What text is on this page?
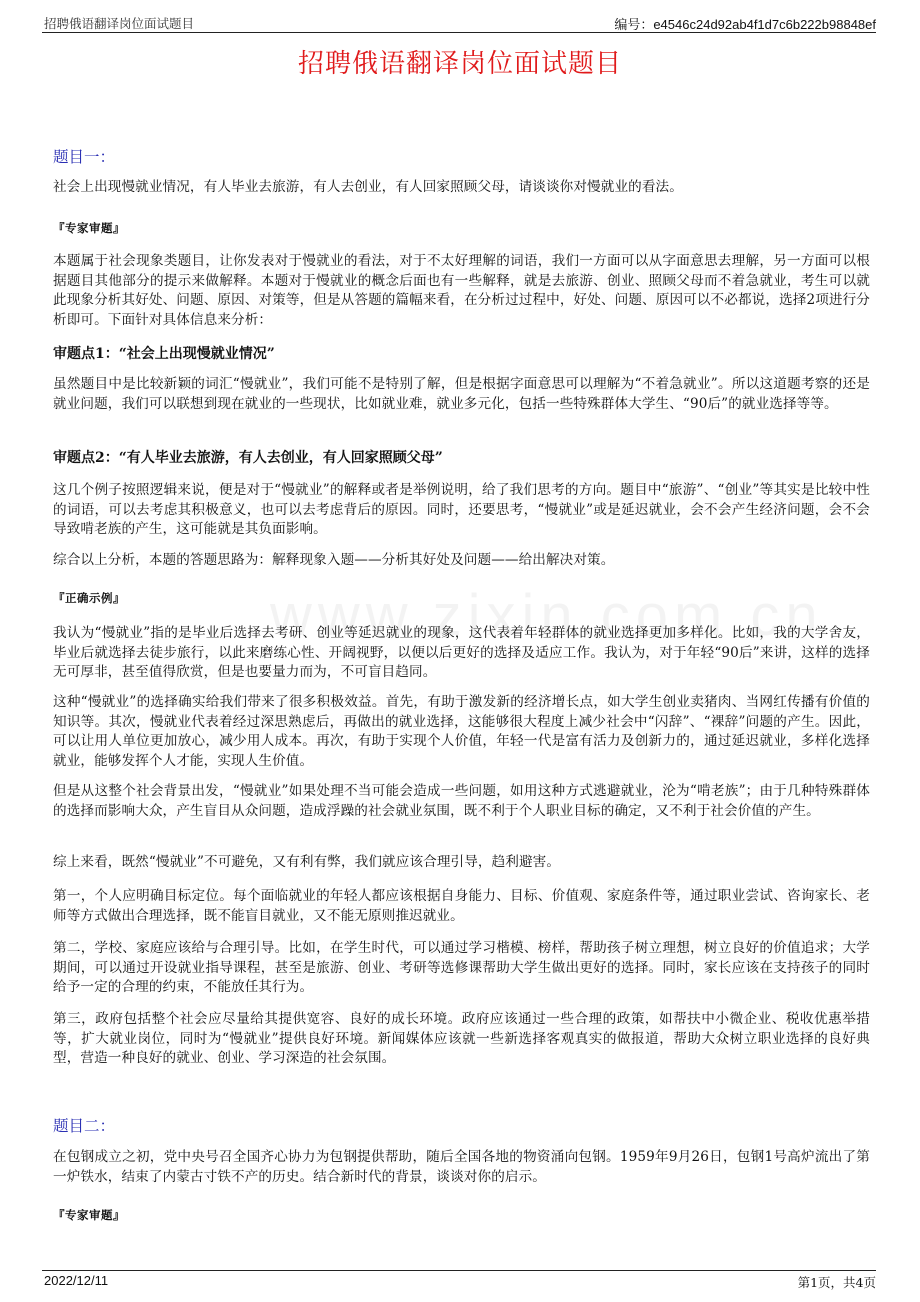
招聘俄语翻译岗位面试题目	编号：e4546c24d92ab4f1d7c6b222b98848ef
招聘俄语翻译岗位面试题目
题目一：
社会上出现慢就业情况，有人毕业去旅游，有人去创业，有人回家照顾父母，请谈谈你对慢就业的看法。
『专家审题』
本题属于社会现象类题目，让你发表对于慢就业的看法，对于不太好理解的词语，我们一方面可以从字面意思去理解，另一方面可以根据题目其他部分的提示来做解释。本题对于慢就业的概念后面也有一些解释，就是去旅游、创业、照顾父母而不着急就业，考生可以就此现象分析其好处、问题、原因、对策等，但是从答题的篇幅来看，在分析过过程中，好处、问题、原因可以不必都说，选择2项进行分析即可。下面针对具体信息来分析：
审题点1：“社会上出现慢就业情况”
虽然题目中是比较新颖的词汇“慢就业”，我们可能不是特别了解，但是根据字面意思可以理解为“不着急就业”。所以这道题考察的还是就业问题，我们可以联想到现在就业的一些现状，比如就业难，就业多元化，包括一些特殊群体大学生、“90后”的就业选择等等。
审题点2：“有人毕业去旅游，有人去创业，有人回家照顾父母”
这几个例子按照逻辑来说，便是对于“慢就业”的解释或者是举例说明，给了我们思考的方向。题目中“旅游”、“创业”等其实是比较中性的词语，可以去考虑其积极意义，也可以去考虑背后的原因。同时，还要思考，“慢就业”或是延迟就业，会不会产生经济问题，会不会导致啃老族的产生，这可能就是其负面影响。
综合以上分析，本题的答题思路为：解释现象入题——分析其好处及问题——给出解决对策。
『正确示例』
我认为“慢就业”指的是毕业后选择去考研、创业等延迟就业的现象，这代表着年轻群体的就业选择更加多样化。比如，我的大学舍友，毕业后就选择去徒步旅行，以此来磨练心性、开阔视野，以便以后更好的选择及适应工作。我认为，对于年轻“90后”来讲，这样的选择无可厚非，甚至值得欣赏，但是也要量力而为，不可盲目趋同。
这种“慢就业”的选择确实给我们带来了很多积极效益。首先，有助于激发新的经济增长点，如大学生创业卖猪肉、当网红传播有价值的知识等。其次，慢就业代表着经过深思熟虑后，再做出的就业选择，这能够很大程度上减少社会中“闪辞”、“裸辞”问题的产生。因此，可以让用人单位更加放心，减少用人成本。再次，有助于实现个人价值，年轻一代是富有活力及创新力的，通过延迟就业，多样化选择就业，能够发挥个人才能，实现人生价值。
但是从这整个社会背景出发，“慢就业”如果处理不当可能会造成一些问题，如用这种方式逃避就业，沦为“啃老族”；由于几种特殊群体的选择而影响大众，产生盲目从众问题，造成浮躁的社会就业氛围，既不利于个人职业目标的确定，又不利于社会价值的产生。
综上来看，既然“慢就业”不可避免，又有利有弊，我们就应该合理引导，趋利避害。
第一，个人应明确目标定位。每个面临就业的年轻人都应该根据自身能力、目标、价值观、家庭条件等，通过职业尝试、咨询家长、老师等方式做出合理选择，既不能盲目就业，又不能无原则推迟就业。
第二，学校、家庭应该给与合理引导。比如，在学生时代，可以通过学习楷模、榜样，帮助孩子树立理想，树立良好的价值追求；大学期间，可以通过开设就业指导课程，甚至是旅游、创业、考研等选修课帮助大学生做出更好的选择。同时，家长应该在支持孩子的同时给予一定的合理的约束，不能放任其行为。
第三，政府包括整个社会应尽量给其提供宽容、良好的成长环境。政府应该通过一些合理的政策，如帮扶中小微企业、税收优惠举措等，扩大就业岗位，同时为“慢就业”提供良好环境。新闻媒体应该就一些新选择客观真实的做报道，帮助大众树立职业选择的良好典型，营造一种良好的就业、创业、学习深造的社会氛围。
题目二：
在包钢成立之初，党中央号召全国齐心协力为包钢提供帮助，随后全国各地的物资涌向包钢。1959年9月26日，包钢1号高炉流出了第一炉铁水，结束了内蒙古寸铁不产的历史。结合新时代的背景，谈谈对你的启示。
『专家审题』
2022/12/11	第1页，共4页
